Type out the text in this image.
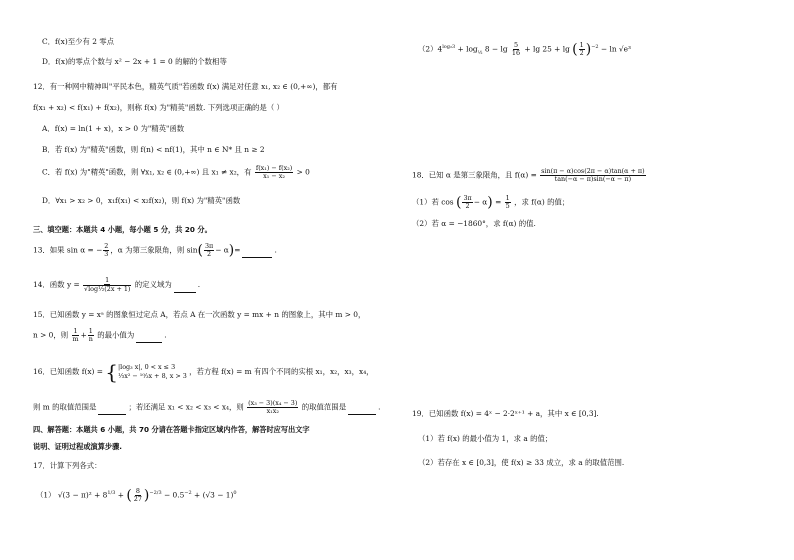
C．f(x)至少有 2 零点
D．f(x)的零点个数与 x² − 2x + 1 = 0 的解的个数相等
12．有一种网中精神叫"平民本色，精英气质"若函数 f(x) 满足对任意 x₁, x₂ ∈ (0,+∞)，都有
f(x₁ + x₂) < f(x₁) + f(x₂)，则称 f(x) 为"精英"函数. 下列选项正确的是（ ）
A．f(x) = ln(1 + x)，x > 0 为"精英"函数
B．若 f(x) 为"精英"函数，则 f(n) < nf(1)，其中 n ∈ N* 且 n ≥ 2
C．若 f(x) 为"精英"函数，则 ∀x₁, x₂ ∈ (0,+∞) 且 x₁ ≠ x₂，有 $\frac{\text{f(x₁) − f(x₂)}}{\text{x₁ − x₂}} > 0$
D．∀x₁ > x₂ > 0，x₁f(x₁) < x₂f(x₂)，则 f(x) 为"精英"函数
三、填空题：本题共 4 小题，每小题 5 分，共 20 分。
13．如果 sin α = − $\frac{2}{3}$ ，α 为第三象限角，则 $\sin( \frac{3\pi}{2} - \alpha)=$	.
14．函数 $y = \frac{1}{\text{√log½(2x + 1)}}$ 的定义域为	.
15．已知函数 y = xᵃ 的图象恒过定点 A，若点 A 在一次函数 y = mx + n 的图象上，其中 m > 0，
n > 0，则 $\frac{1}{m} + \frac{1}{n}$ 的最小值为	.
16．已知函数 f(x) = { |log₃ x|, 0 < x ≤ 3
⅓x² − ¹⁰⁄₃x + 8, x > 3 ，若方程 f(x) = m 有四个不同的实根 x₁，x₂，x₃，x₄，
则 m 的取值范围是	；若还满足 x₁ < x₂ < x₃ < x₄，则 $\frac{\text{(x₃ − 3)(x₄ − 3)}}{\text{x₁x₂}}$ 的取值范围是	.
四、解答题：本题共 6 小题，共 70 分请在答题卡指定区域内作答，解答时应写出文字
说明、证明过程或演算步骤.
17．计算下列各式：
（1） $√(3 - \pi)^2 + 8^{1/3}$ + ( $\frac{8}{27} )^{-2/3} - 0.5^{-2} + (√3 - 1)^0$
$(2)4^{log_23} + \log_{\frac{1}{2}} 8 - \lg \frac{5}{16} + \lg 25 + \lg$ ( $\frac{1}{2} )^{-2} - \ln √e^3$
18．已知 α 是第三象限角，且 $f(\alpha) = \frac{\sin(\pi - \alpha)\cos(2\pi - \alpha)\tan(\alpha + \pi)}{\tan(-\alpha - \pi)\sin(-\alpha - \pi)}$
（1）若 cos ( $\frac{3\pi}{2} - \alpha) = \frac{1}{5}$ ，求 f(α) 的值；
（2）若 α = −1860°，求 f(α) 的值.
19．已知函数 f(x) = 4ˣ − 2·2ˣ⁺¹ + a，其中 x ∈ [0,3].
（1）若 f(x) 的最小值为 1，求 a 的值；
（2）若存在 x ∈ [0,3]，使 f(x) ≥ 33 成立，求 a 的取值范围.
